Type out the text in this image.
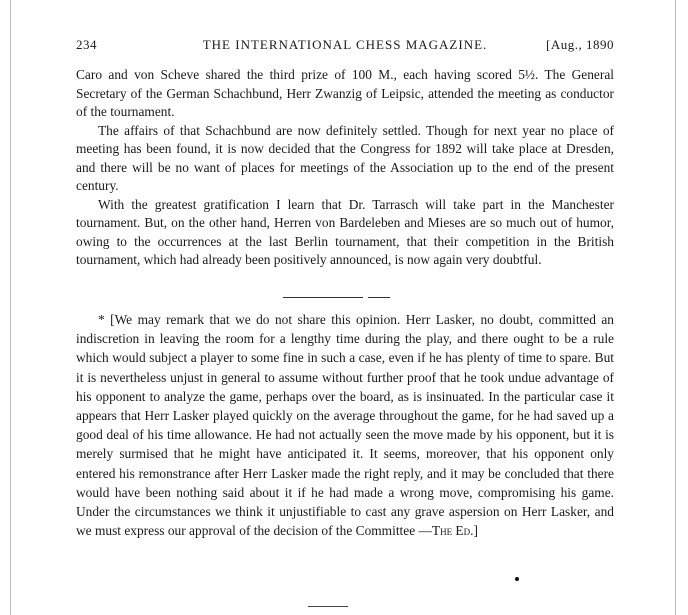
234	THE INTERNATIONAL CHESS MAGAZINE.	[Aug., 1890

Caro and von Scheve shared the third prize of 100 M., each having scored 5½. The General Secretary of the German Schachbund, Herr Zwanzig of Leipsic, attended the meeting as conductor of the tournament.

The affairs of that Schachbund are now definitely settled. Though for next year no place of meeting has been found, it is now decided that the Congress for 1892 will take place at Dresden, and there will be no want of places for meetings of the Association up to the end of the present century.

With the greatest gratification I learn that Dr. Tarrasch will take part in the Manchester tournament. But, on the other hand, Herren von Bardeleben and Mieses are so much out of humor, owing to the occurrences at the last Berlin tournament, that their competition in the British tournament, which had already been positively announced, is now again very doubtful.

* [We may remark that we do not share this opinion. Herr Lasker, no doubt, committed an indiscretion in leaving the room for a lengthy time during the play, and there ought to be a rule which would subject a player to some fine in such a case, even if he has plenty of time to spare. But it is nevertheless unjust in general to assume without further proof that he took undue advantage of his opponent to analyze the game, perhaps over the board, as is insinuated. In the particular case it appears that Herr Lasker played quickly on the average throughout the game, for he had saved up a good deal of his time allowance. He had not actually seen the move made by his opponent, but it is merely surmised that he might have anticipated it. It seems, moreover, that his opponent only entered his remonstrance after Herr Lasker made the right reply, and it may be concluded that there would have been nothing said about it if he had made a wrong move, compromising his game. Under the circumstances we think it unjustifiable to cast any grave aspersion on Herr Lasker, and we must express our approval of the decision of the Committee —The Ed.]
